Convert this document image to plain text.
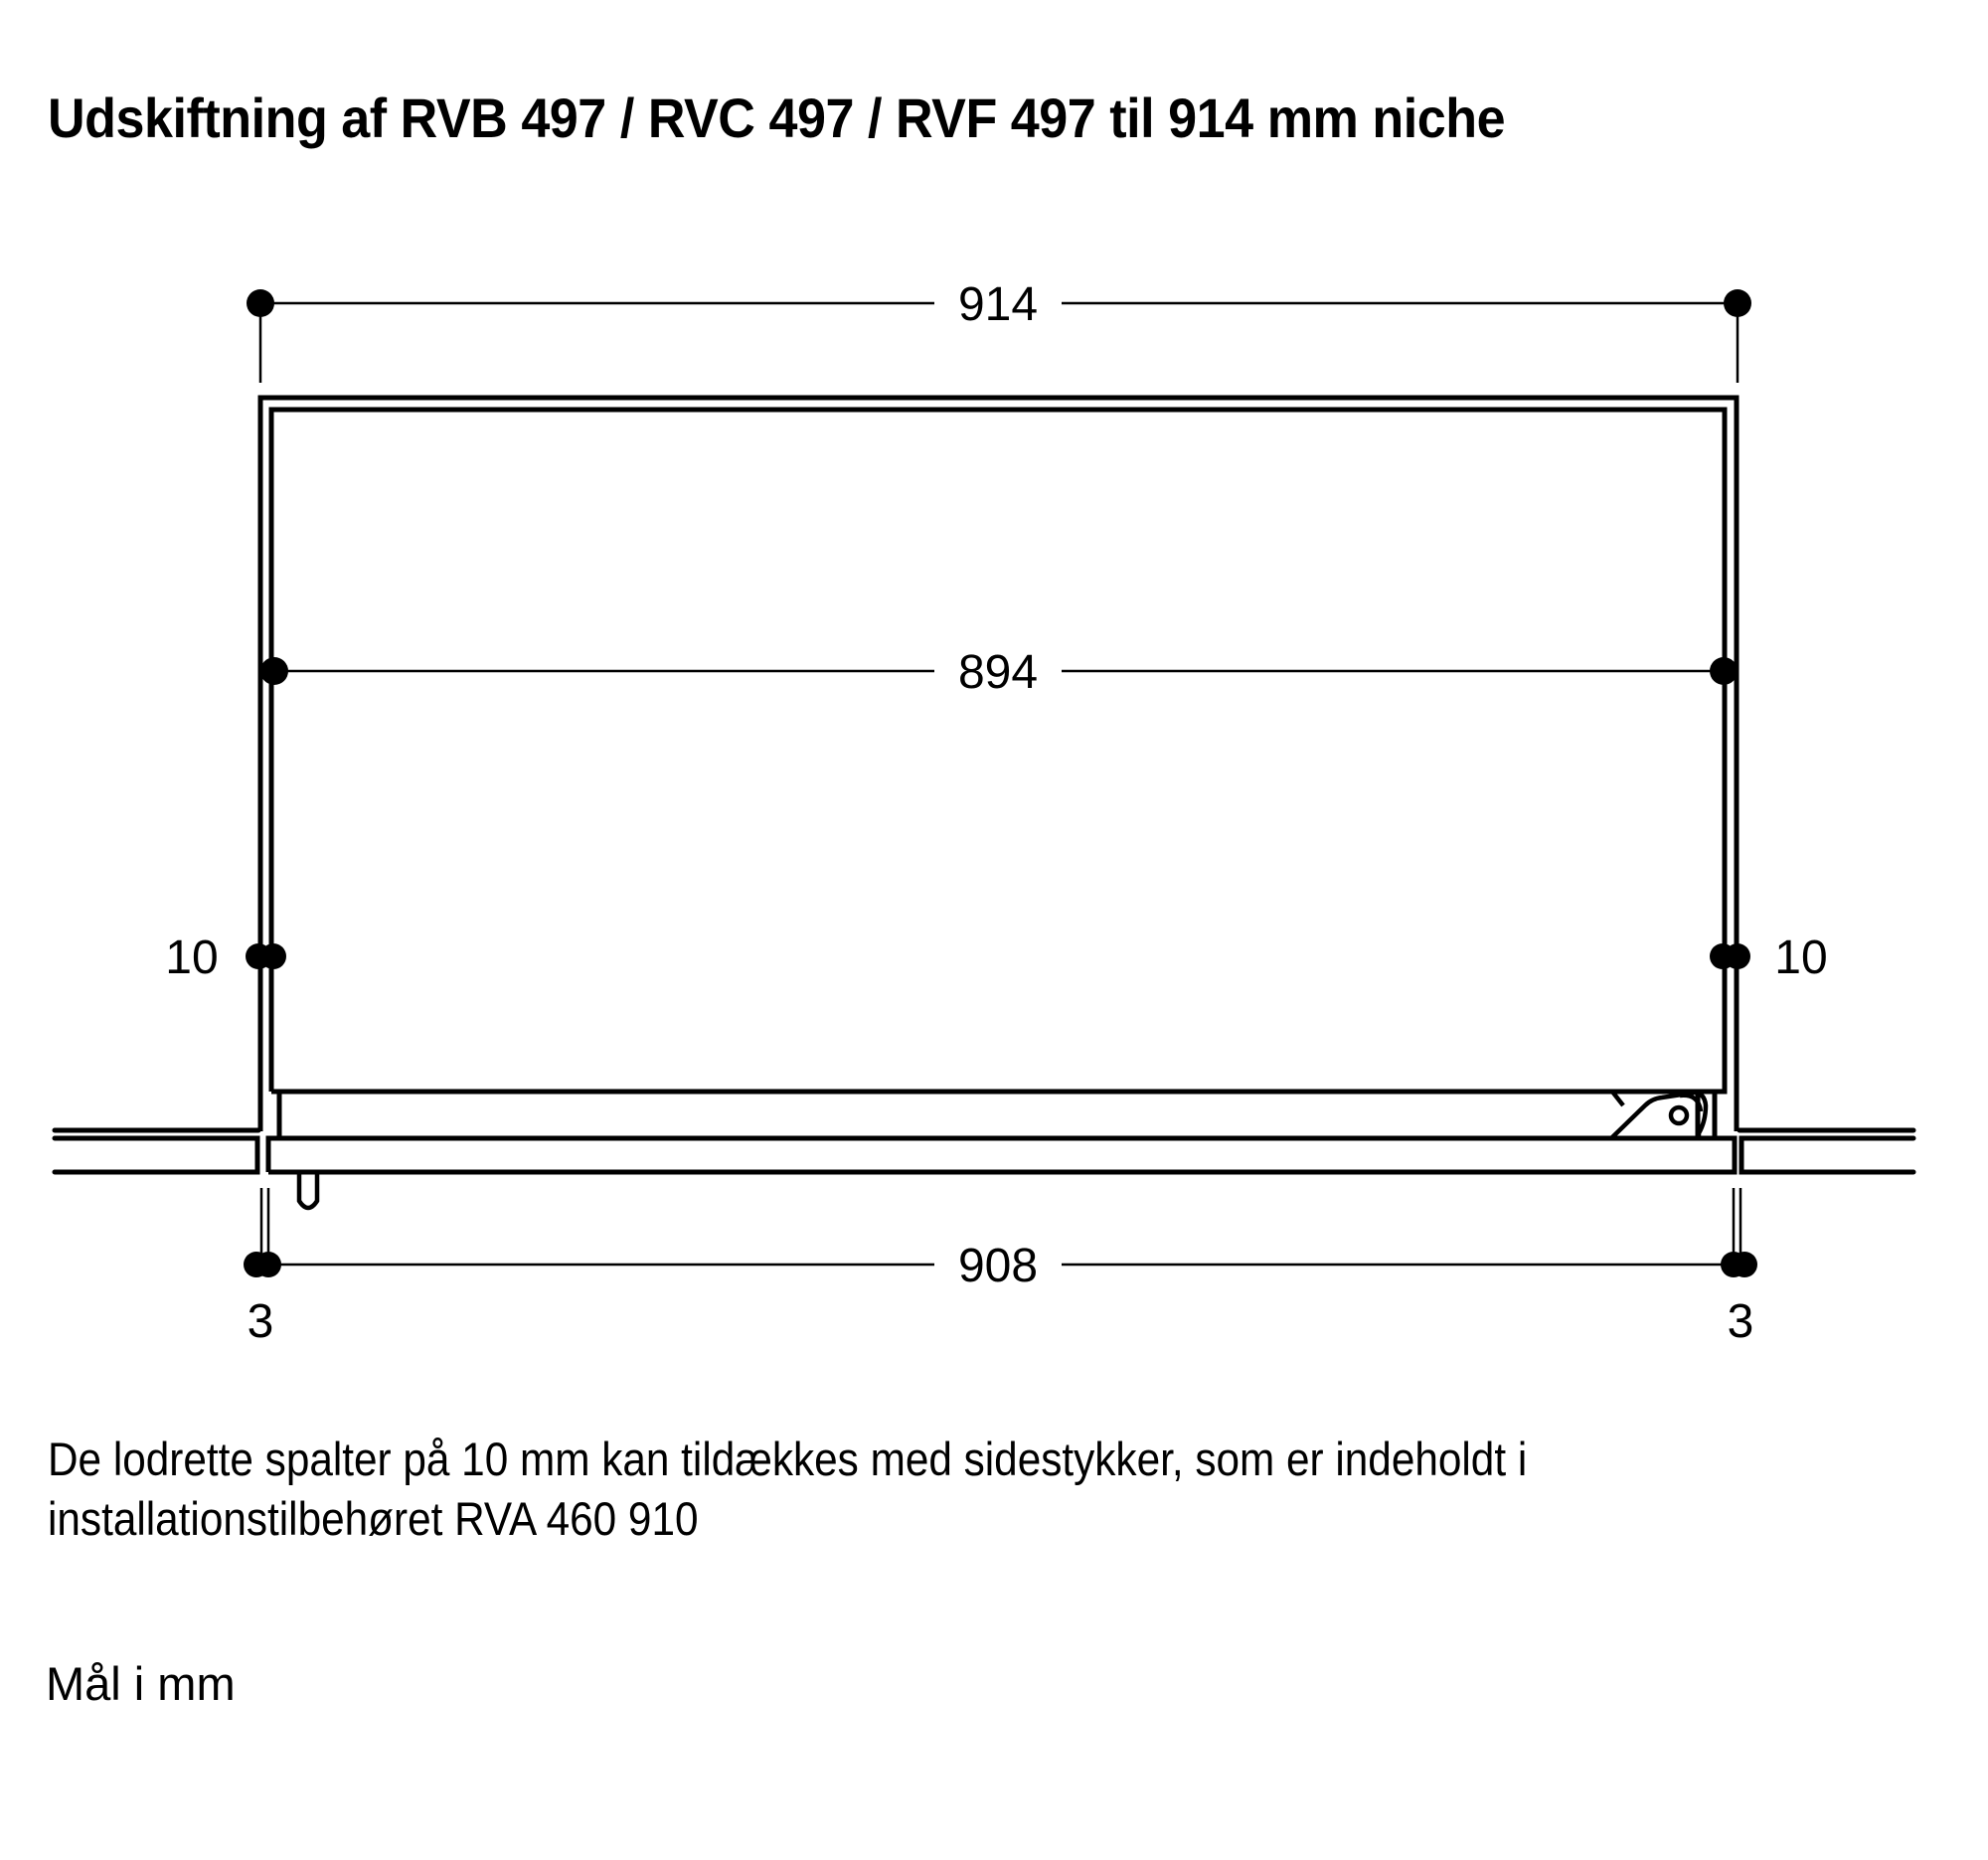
Udskiftning af RVB 497 / RVC 497 / RVF 497 til 914 mm niche
914
894
10	10
908
3	3
De lodrette spalter på 10 mm kan tildækkes med sidestykker, som er indeholdt i
installationstilbehøret RVA 460 910
Mål i mm
